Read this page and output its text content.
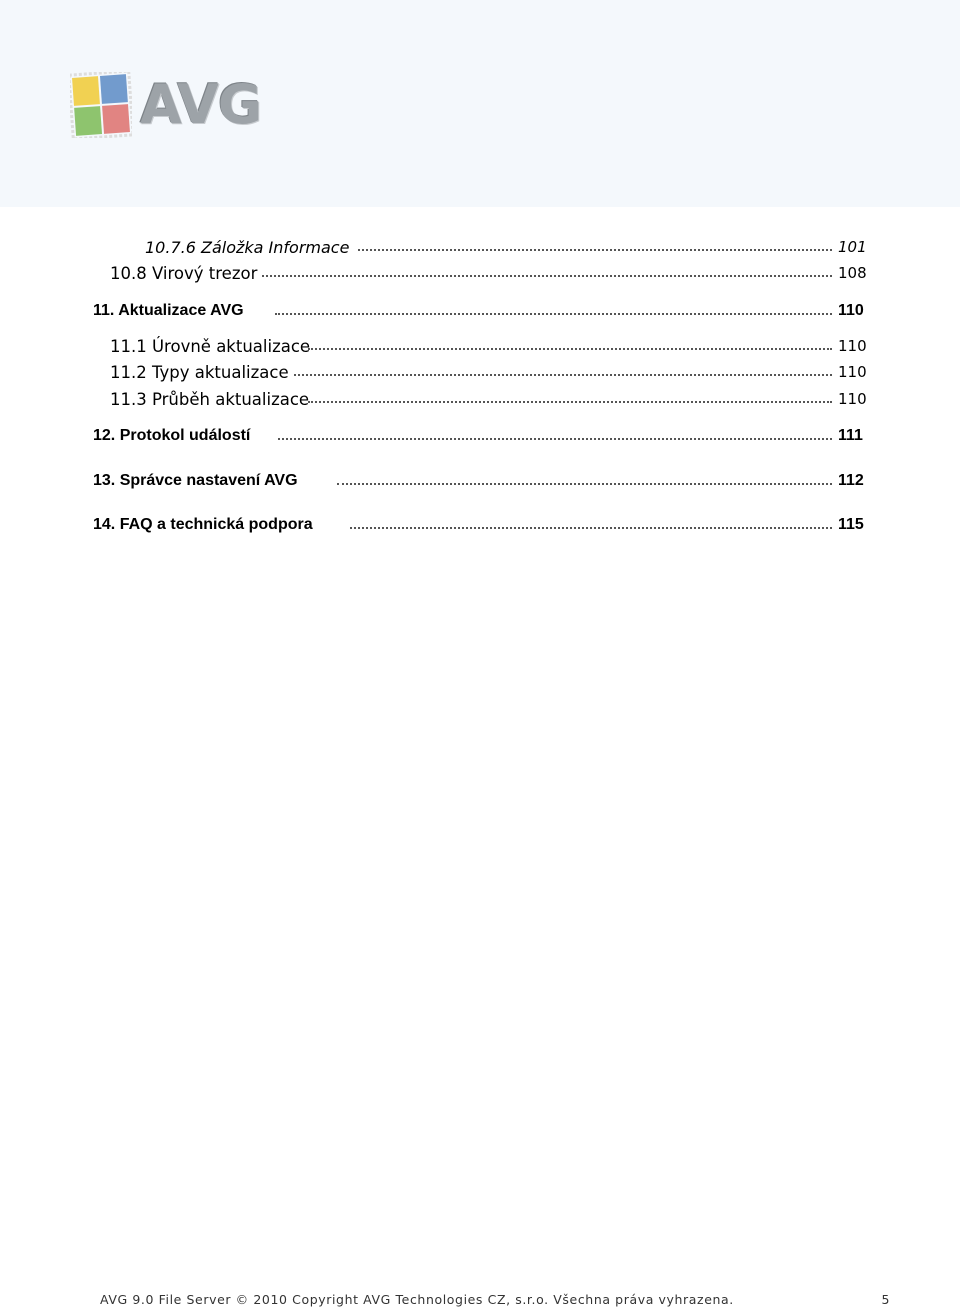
AVG
10.7.6 Záložka Informace	101
10.8 Virový trezor	108
11. Aktualizace AVG	110
11.1 Úrovně aktualizace	110
11.2 Typy aktualizace	110
11.3 Průběh aktualizace	110
12. Protokol událostí	111
13. Správce nastavení AVG	112
14. FAQ a technická podpora	115
AVG 9.0 File Server © 2010 Copyright AVG Technologies CZ, s.r.o. Všechna práva vyhrazena.	5
